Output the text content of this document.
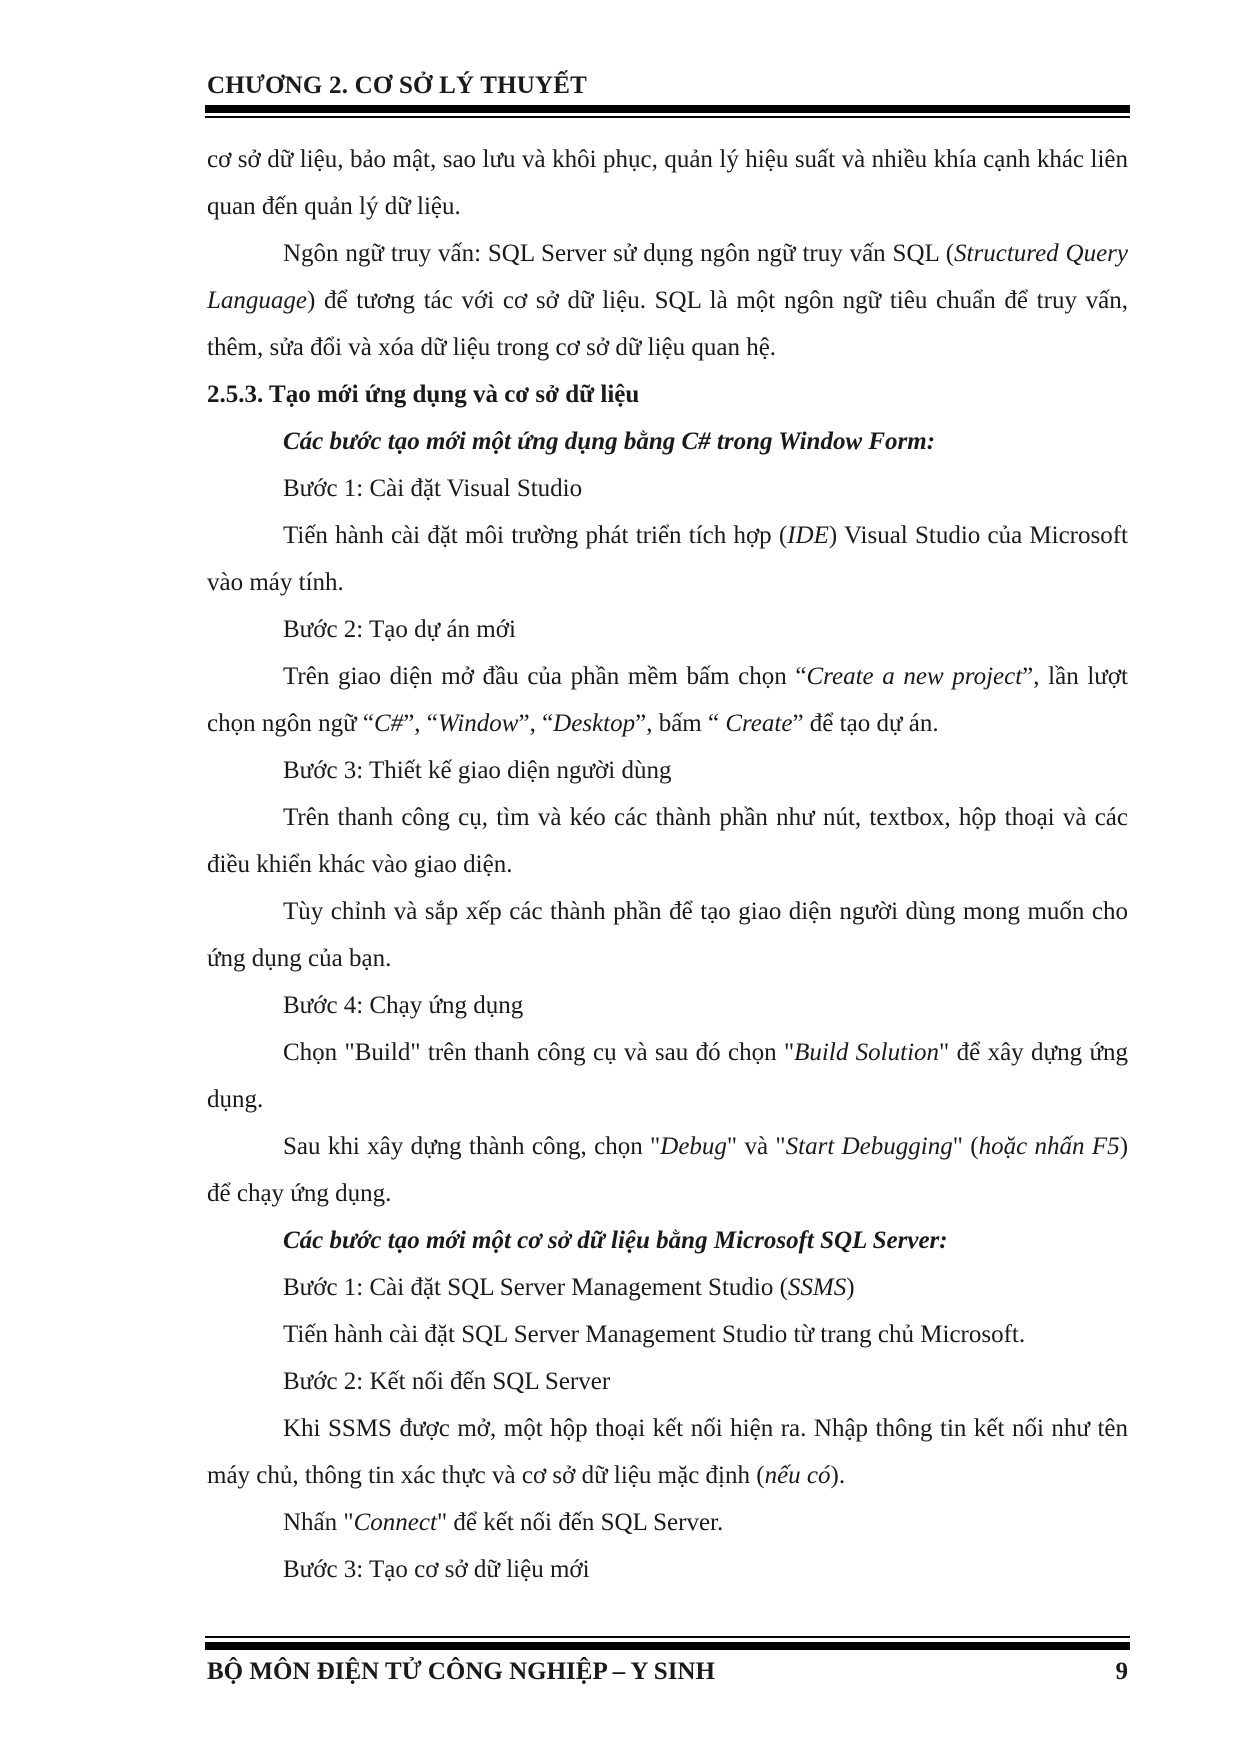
CHƯƠNG 2. CƠ SỞ LÝ THUYẾT

cơ sở dữ liệu, bảo mật, sao lưu và khôi phục, quản lý hiệu suất và nhiều khía cạnh khác liên quan đến quản lý dữ liệu.

Ngôn ngữ truy vấn: SQL Server sử dụng ngôn ngữ truy vấn SQL (Structured Query Language) để tương tác với cơ sở dữ liệu. SQL là một ngôn ngữ tiêu chuẩn để truy vấn, thêm, sửa đổi và xóa dữ liệu trong cơ sở dữ liệu quan hệ.

2.5.3. Tạo mới ứng dụng và cơ sở dữ liệu

Các bước tạo mới một ứng dụng bằng C# trong Window Form:

Bước 1: Cài đặt Visual Studio

Tiến hành cài đặt môi trường phát triển tích hợp (IDE) Visual Studio của Microsoft vào máy tính.

Bước 2: Tạo dự án mới

Trên giao diện mở đầu của phần mềm bấm chọn “Create a new project”, lần lượt chọn ngôn ngữ “C#”, “Window”, “Desktop”, bấm “ Create” để tạo dự án.

Bước 3: Thiết kế giao diện người dùng

Trên thanh công cụ, tìm và kéo các thành phần như nút, textbox, hộp thoại và các điều khiển khác vào giao diện.

Tùy chỉnh và sắp xếp các thành phần để tạo giao diện người dùng mong muốn cho ứng dụng của bạn.

Bước 4: Chạy ứng dụng

Chọn "Build" trên thanh công cụ và sau đó chọn "Build Solution" để xây dựng ứng dụng.

Sau khi xây dựng thành công, chọn "Debug" và "Start Debugging" (hoặc nhấn F5) để chạy ứng dụng.

Các bước tạo mới một cơ sở dữ liệu bằng Microsoft SQL Server:

Bước 1: Cài đặt SQL Server Management Studio (SSMS)

Tiến hành cài đặt SQL Server Management Studio từ trang chủ Microsoft.

Bước 2: Kết nối đến SQL Server

Khi SSMS được mở, một hộp thoại kết nối hiện ra. Nhập thông tin kết nối như tên máy chủ, thông tin xác thực và cơ sở dữ liệu mặc định (nếu có).

Nhấn "Connect" để kết nối đến SQL Server.

Bước 3: Tạo cơ sở dữ liệu mới

BỘ MÔN ĐIỆN TỬ CÔNG NGHIỆP – Y SINH	9
